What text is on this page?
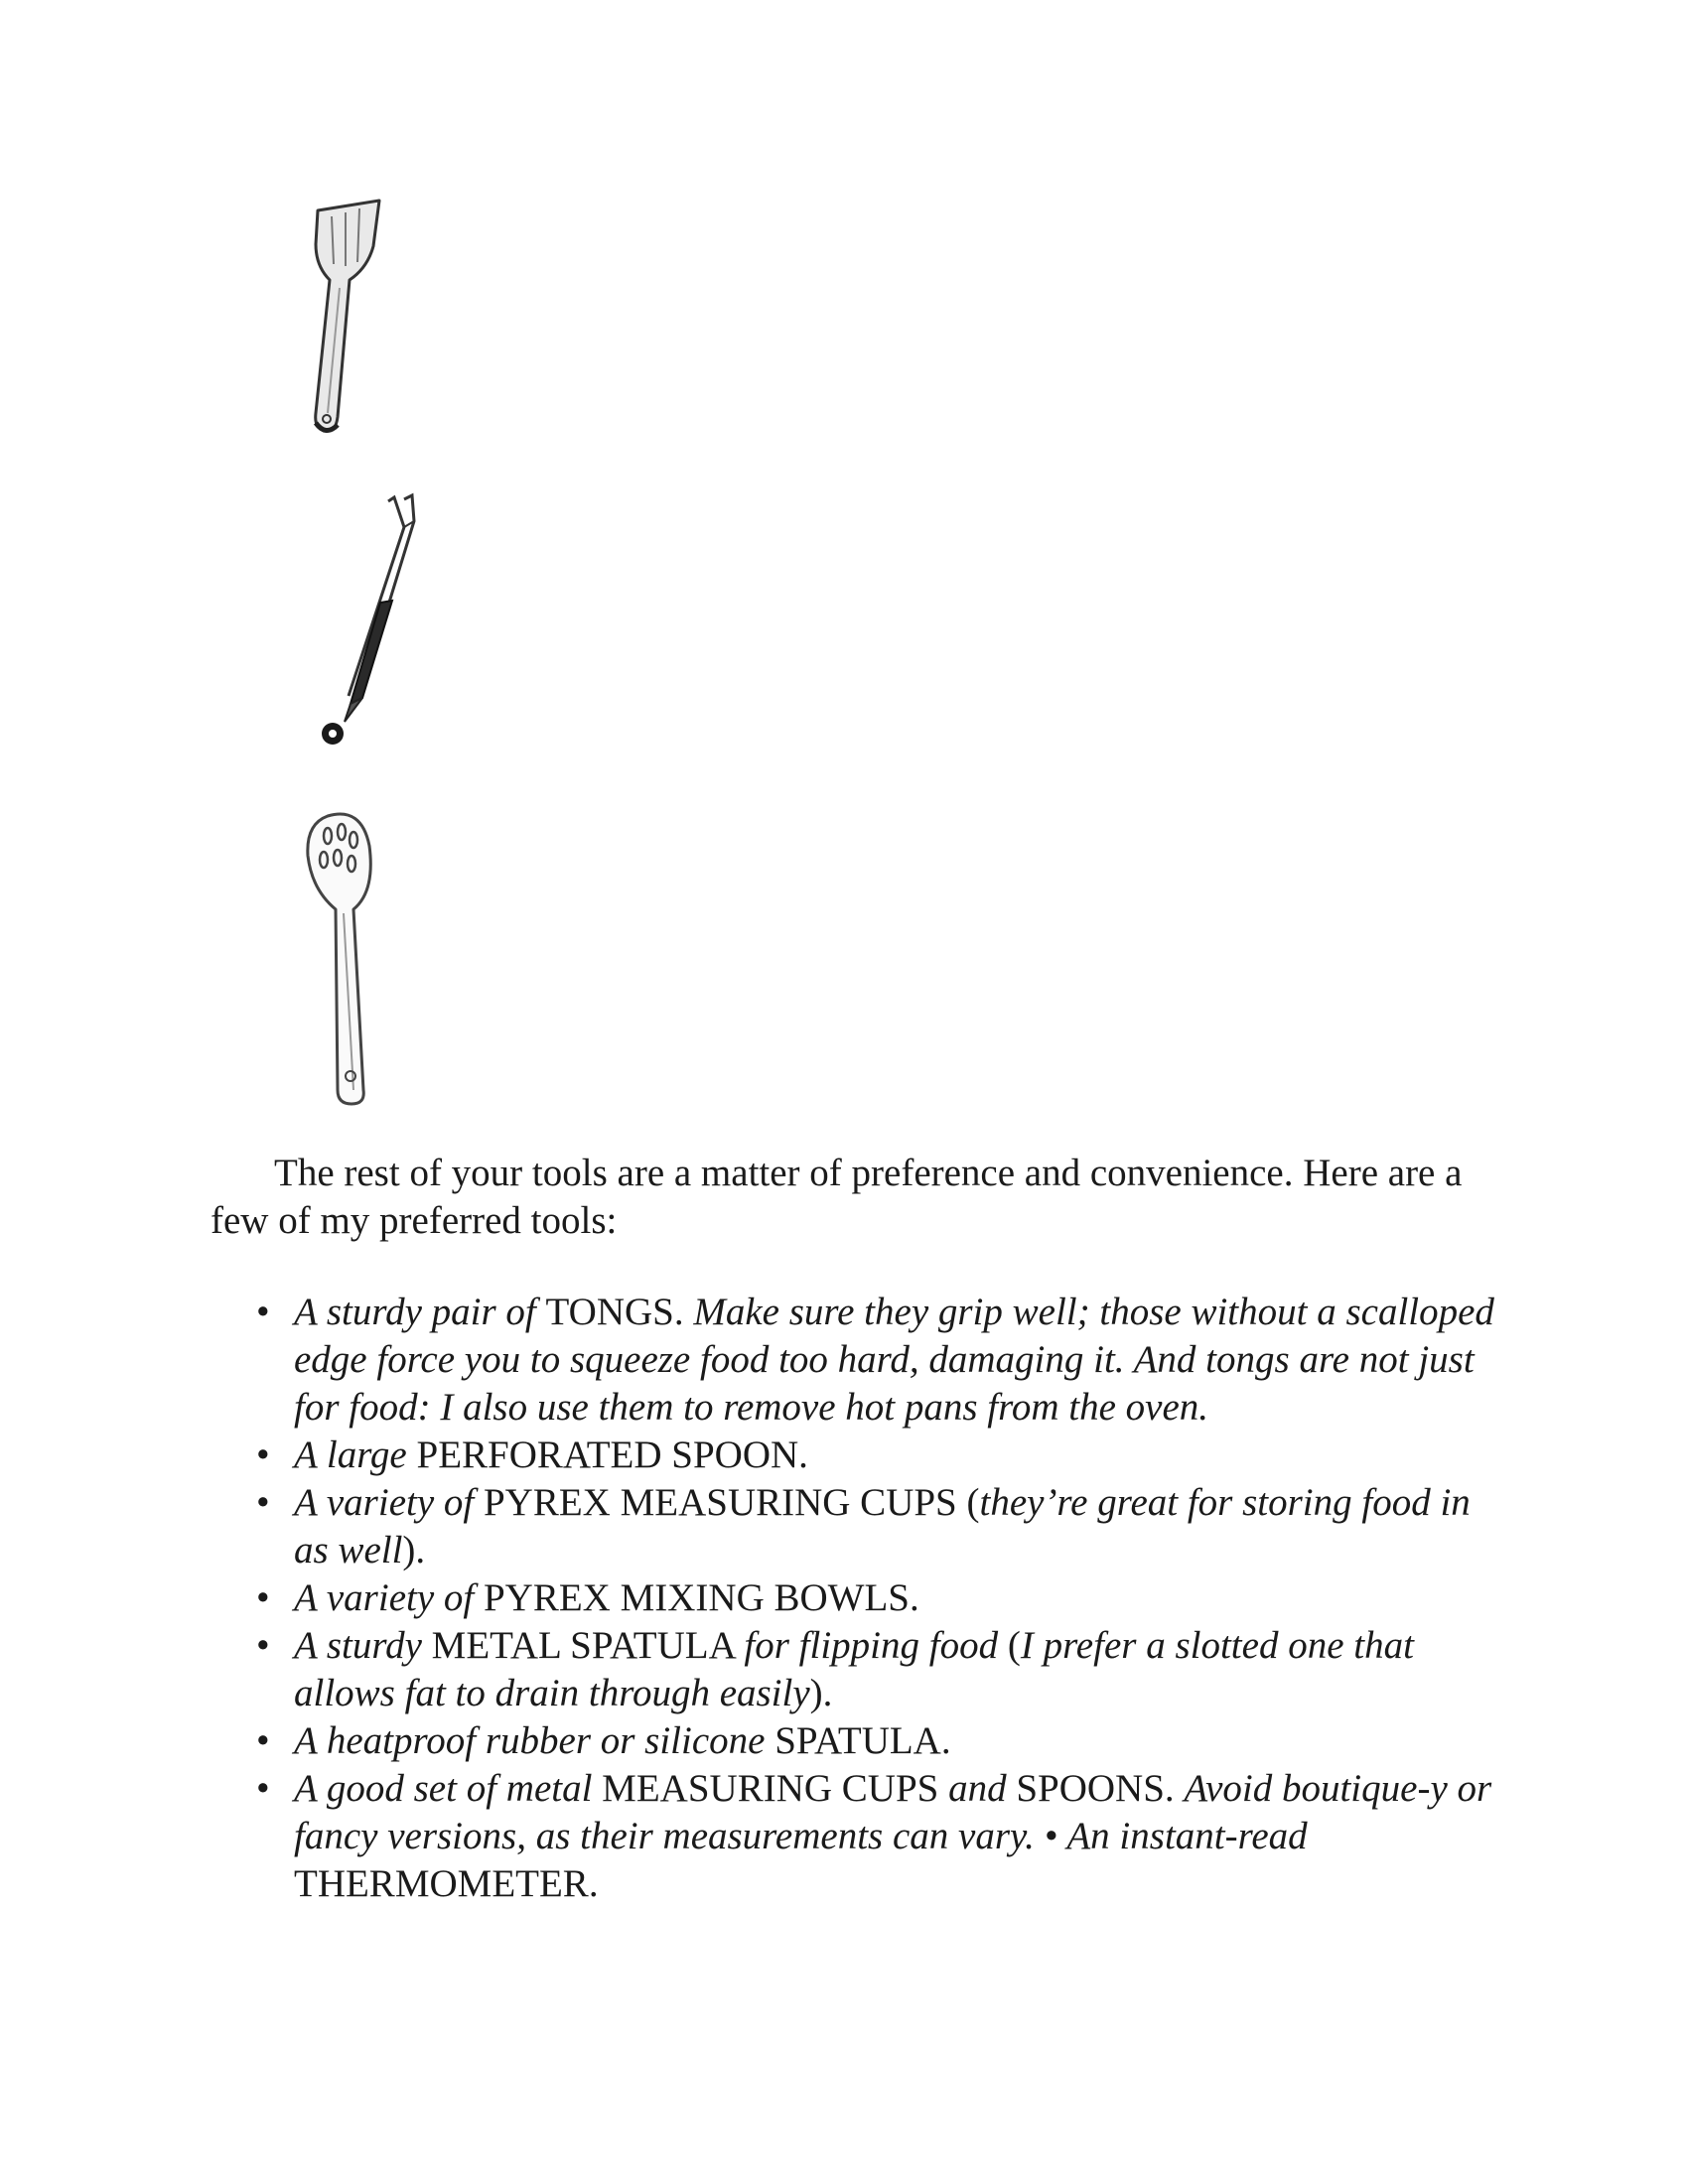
The rest of your tools are a matter of preference and convenience. Here are a few of my preferred tools:

• A sturdy pair of TONGS. Make sure they grip well; those without a scalloped edge force you to squeeze food too hard, damaging it. And tongs are not just for food: I also use them to remove hot pans from the oven.
• A large PERFORATED SPOON.
• A variety of PYREX MEASURING CUPS (they’re great for storing food in as well).
• A variety of PYREX MIXING BOWLS.
• A sturdy METAL SPATULA for flipping food (I prefer a slotted one that allows fat to drain through easily).
• A heatproof rubber or silicone SPATULA.
• A good set of metal MEASURING CUPS and SPOONS. Avoid boutique-y or fancy versions, as their measurements can vary. • An instant-read THERMOMETER.
